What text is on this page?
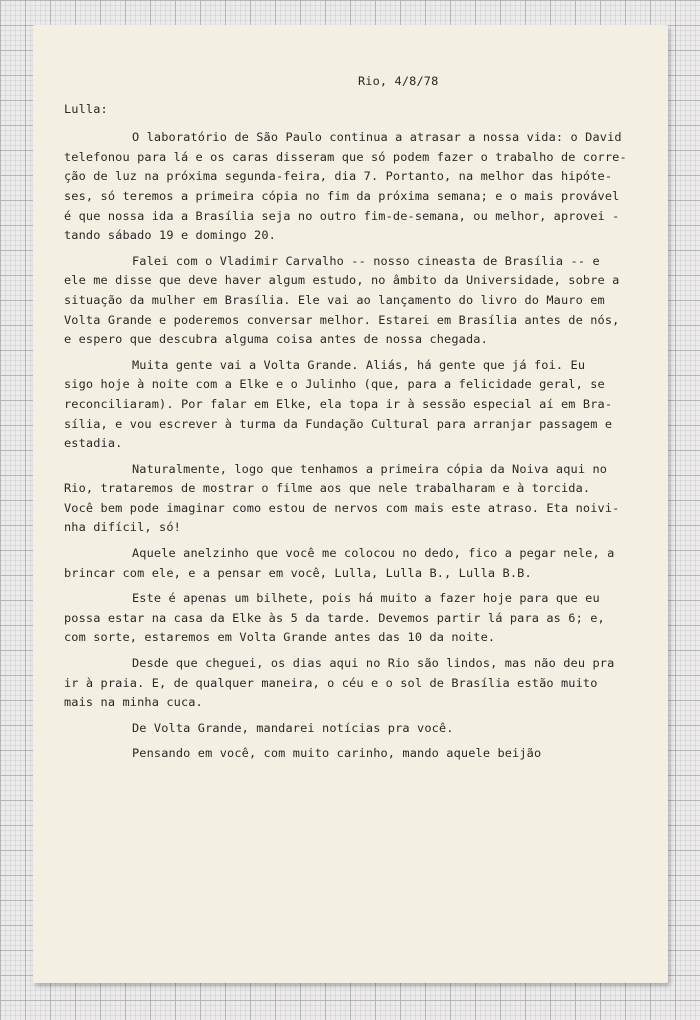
Rio, 4/8/78

Lulla:

O laboratório de São Paulo continua a atrasar a nossa vida: o David
telefonou para lá e os caras disseram que só podem fazer o trabalho de corre-
ção de luz na próxima segunda-feira, dia 7. Portanto, na melhor das hipóte-
ses, só teremos a primeira cópia no fim da próxima semana; e o mais provável
é que nossa ida a Brasília seja no outro fim-de-semana, ou melhor, aprovei -
tando sábado 19 e domingo 20.

Falei com o Vladimir Carvalho -- nosso cineasta de Brasília -- e
ele me disse que deve haver algum estudo, no âmbito da Universidade, sobre a
situação da mulher em Brasília. Ele vai ao lançamento do livro do Mauro em
Volta Grande e poderemos conversar melhor. Estarei em Brasília antes de nós,
e espero que descubra alguma coisa antes de nossa chegada.

Muita gente vai a Volta Grande. Aliás, há gente que já foi. Eu
sigo hoje à noite com a Elke e o Julinho (que, para a felicidade geral, se
reconciliaram). Por falar em Elke, ela topa ir à sessão especial aí em Bra-
sília, e vou escrever à turma da Fundação Cultural para arranjar passagem e
estadia.

Naturalmente, logo que tenhamos a primeira cópia da Noiva aqui no
Rio, trataremos de mostrar o filme aos que nele trabalharam e à torcida.
Você bem pode imaginar como estou de nervos com mais este atraso. Eta noivi-
nha difícil, só!

Aquele anelzinho que você me colocou no dedo, fico a pegar nele, a
brincar com ele, e a pensar em você, Lulla, Lulla B., Lulla B.B.

Este é apenas um bilhete, pois há muito a fazer hoje para que eu
possa estar na casa da Elke às 5 da tarde. Devemos partir lá para as 6; e,
com sorte, estaremos em Volta Grande antes das 10 da noite.

Desde que cheguei, os dias aqui no Rio são lindos, mas não deu pra
ir à praia. E, de qualquer maneira, o céu e o sol de Brasília estão muito
mais na minha cuca.

De Volta Grande, mandarei notícias pra você.

Pensando em você, com muito carinho, mando aquele beijão
